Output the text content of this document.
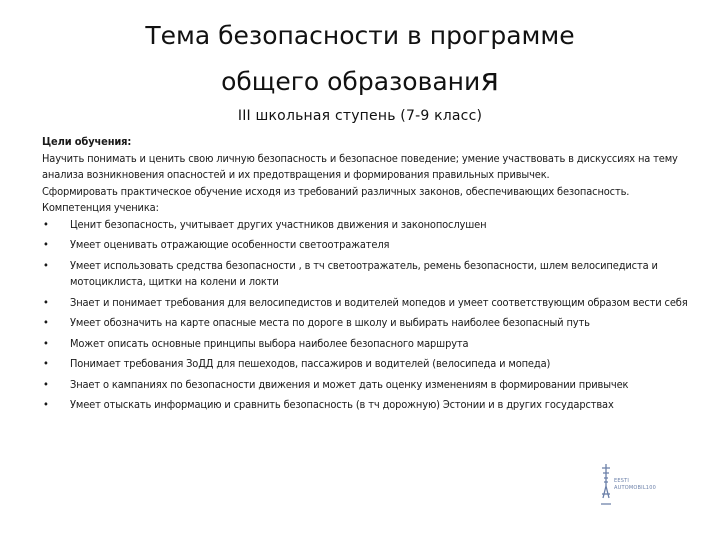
Тема безопасности в программе
общего образования
III школьная ступень (7-9 класс)

Цели обучения:

Научить понимать и ценить свою личную безопасность и безопасное поведение; умение участвовать в дискуссиях на тему анализа возникновения опасностей и их предотвращения и формирования правильных привычек.

Сформировать практическое обучение исходя из требований различных законов, обеспечивающих безопасность.

Компетенция ученика:

• Ценит безопасность, учитывает других участников движения и законопослушен
• Умеет оценивать отражающие особенности светоотражателя
• Умеет использовать средства безопасности , в тч светоотражатель, ремень безопасности, шлем велосипедиста и мотоциклиста, щитки на колени и локти
• Знает и понимает требования для велосипедистов и водителей мопедов и умеет соответствующим образом вести себя
• Умеет обозначить на карте опасные места по дороге в школу и выбирать наиболее безопасный путь
• Может описать основные принципы выбора наиболее безопасного маршрута
• Понимает требования ЗоДД для пешеходов, пассажиров и водителей (велосипеда и мопеда)
• Знает о кампаниях по безопасности движения и может дать оценку изменениям в формировании привычек
• Умеет отыскать информацию и сравнить безопасность (в тч дорожную) Эстонии и в других государствах
EESTI
AUTOMOBIL100
